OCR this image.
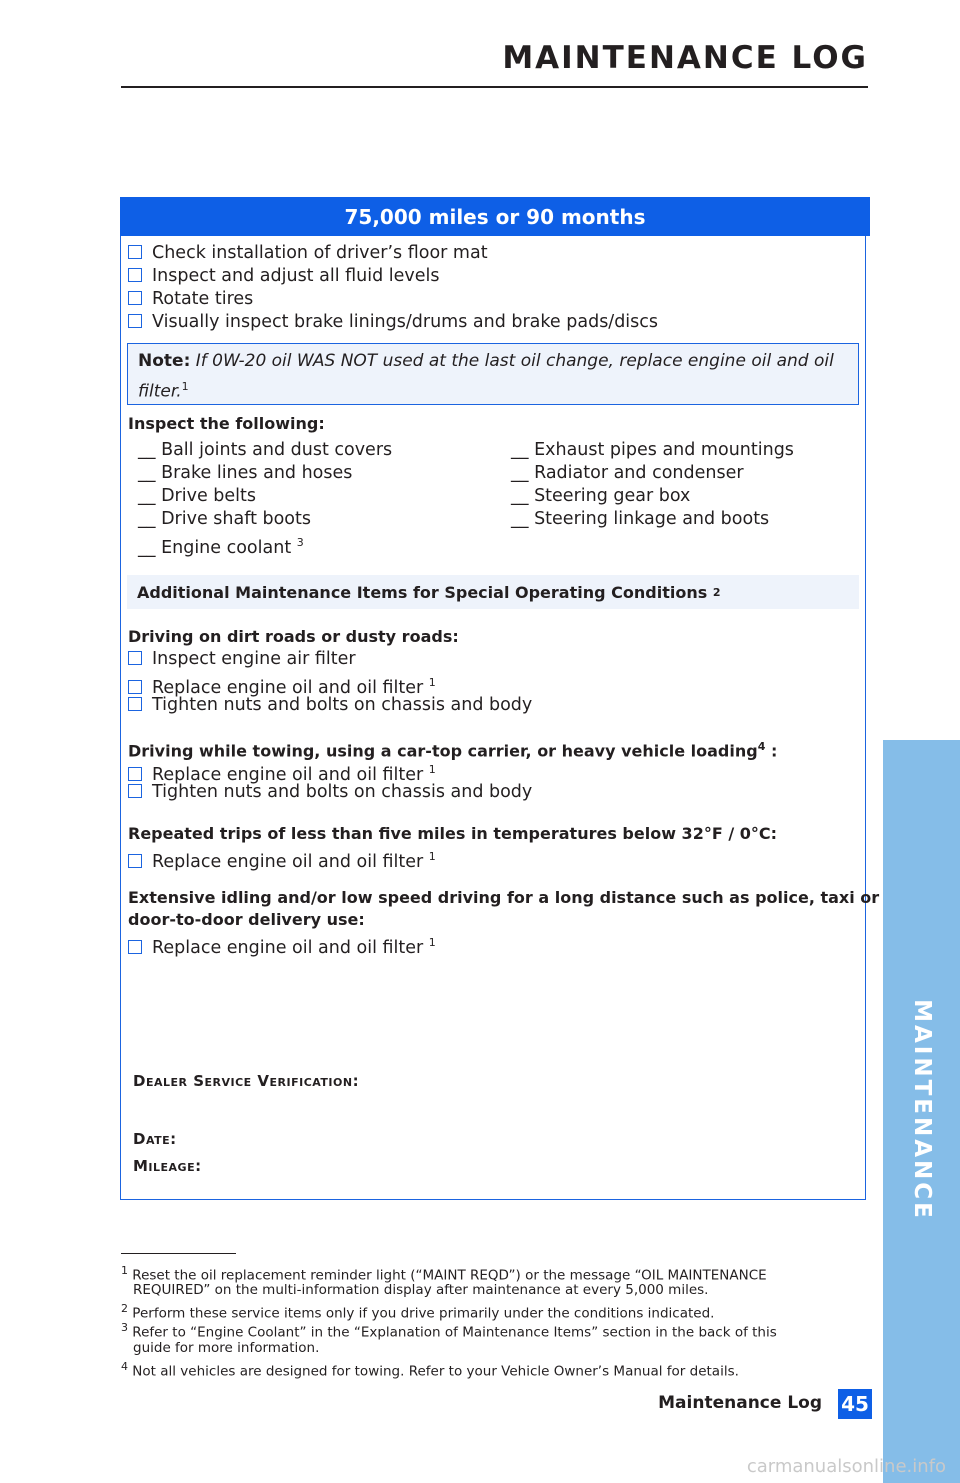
MAINTENANCE LOG
MAINTENANCE
75,000 miles or 90 months
Check installation of driver’s floor mat
Inspect and adjust all fluid levels
Rotate tires
Visually inspect brake linings/drums and brake pads/discs
Note: If 0W-20 oil WAS NOT used at the last oil change, replace engine oil and oil filter.$^1$
Inspect the following:
__ Ball joints and dust covers
__ Brake lines and hoses
__ Drive belts
__ Drive shaft boots
__ Engine coolant $^3$
__ Exhaust pipes and mountings
__ Radiator and condenser
__ Steering gear box
__ Steering linkage and boots
Additional Maintenance Items for Special Operating Conditions
2
Driving on dirt roads or dusty roads:
Inspect engine air filter
Replace engine oil and oil filter $^1$
Tighten nuts and bolts on chassis and body
Driving while towing, using a car-top carrier, or heavy vehicle loading$^4$ :
Replace engine oil and oil filter $^1$
Tighten nuts and bolts on chassis and body
Repeated trips of less than five miles in temperatures below 32°F / 0°C:
Replace engine oil and oil filter $^1$
Extensive idling and/or low speed driving for a long distance such as police, taxi or
door-to-door delivery use:
Replace engine oil and oil filter $^1$
Dealer Service Verification:
Date:
Mileage:
$^1$ Reset the oil replacement reminder light (“MAINT REQD”) or the message “OIL MAINTENANCE
REQUIRED” on the multi-information display after maintenance at every 5,000 miles.
$^2$ Perform these service items only if you drive primarily under the conditions indicated.
$^3$ Refer to “Engine Coolant” in the “Explanation of Maintenance Items” section in the back of this
guide for more information.
$^4$ Not all vehicles are designed for towing. Refer to your Vehicle Owner’s Manual for details.
Maintenance Log 45
carmanualsonline.info
